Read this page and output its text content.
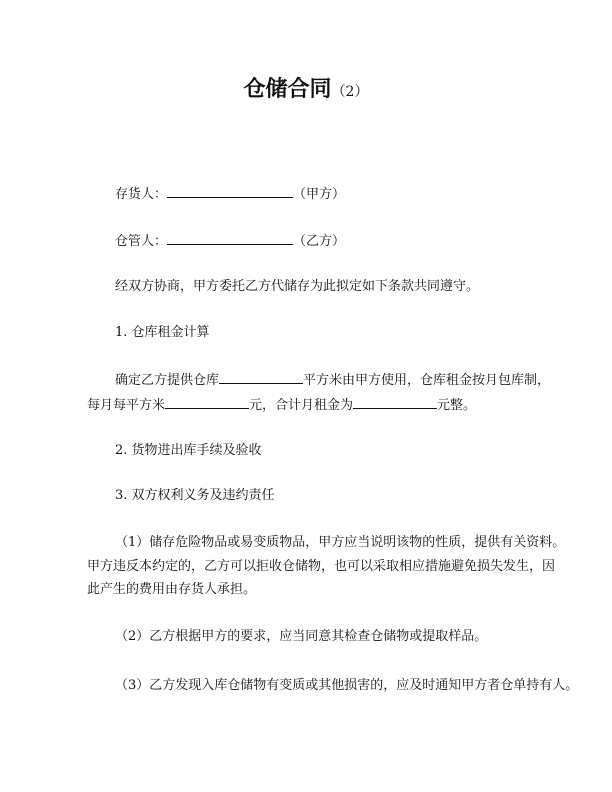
仓储合同（2）
存货人：	（甲方）
仓管人：	（乙方）
经双方协商，甲方委托乙方代储存为此拟定如下条款共同遵守。
1. 仓库租金计算
确定乙方提供仓库	平方米由甲方使用，仓库租金按月包库制，
每月每平方米	元，合计月租金为	元整。
2. 货物进出库手续及验收
3. 双方权利义务及违约责任
（1）储存危险物品或易变质物品，甲方应当说明该物的性质，提供有关资料。
甲方违反本约定的，乙方可以拒收仓储物，也可以采取相应措施避免损失发生，因
此产生的费用由存货人承担。
（2）乙方根据甲方的要求，应当同意其检查仓储物或提取样品。
（3）乙方发现入库仓储物有变质或其他损害的，应及时通知甲方者仓单持有人。
